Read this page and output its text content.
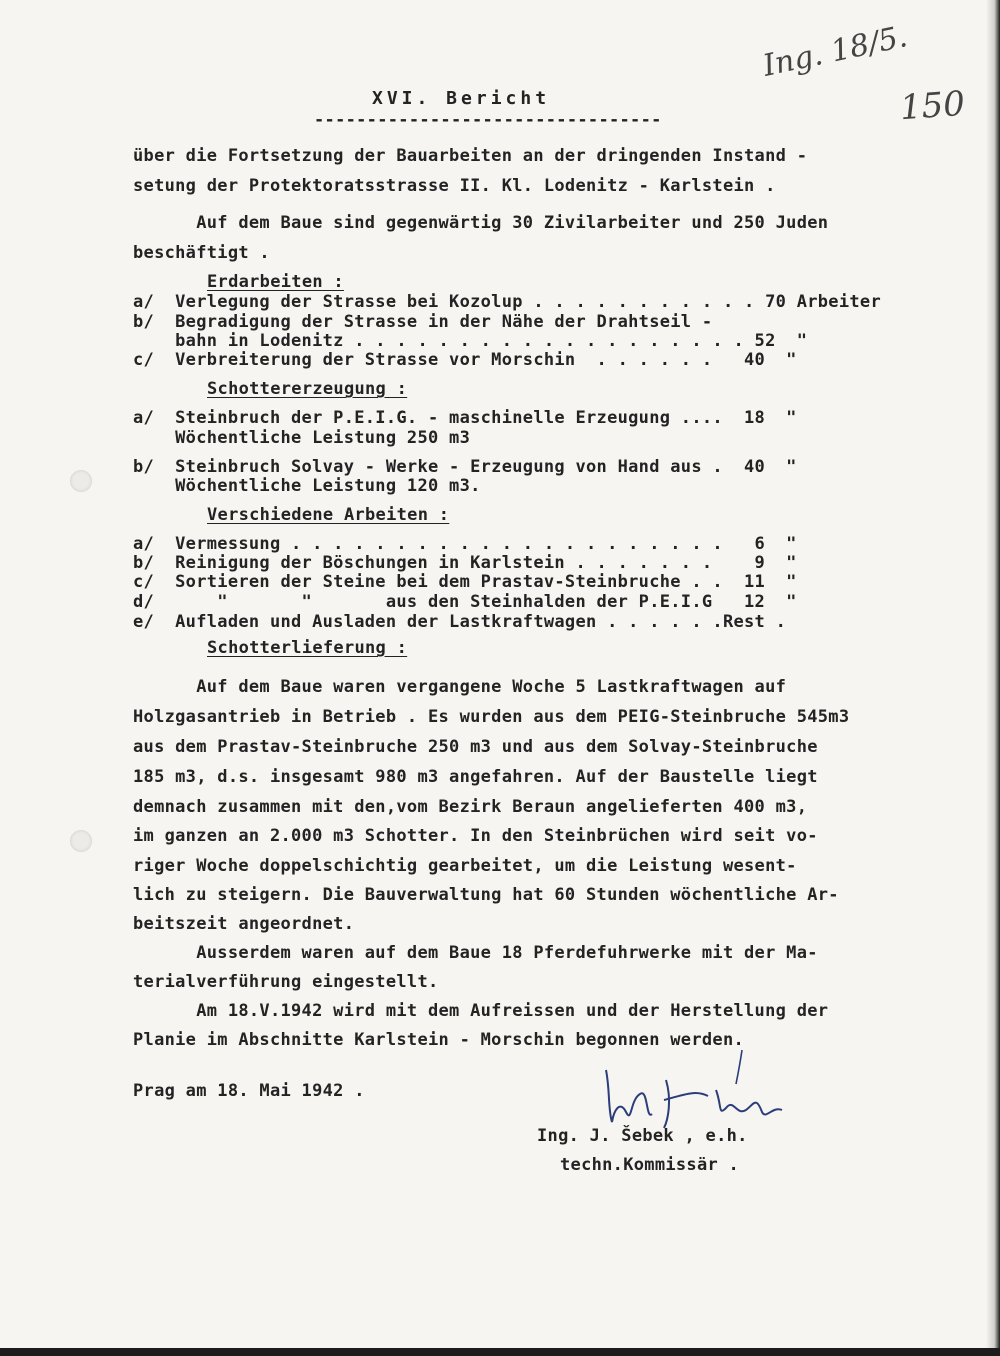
Ing. 18/5.
150
XVI. Bericht
---------------------------------
über die Fortsetzung der Bauarbeiten an der dringenden Instand -
setung der Protektoratsstrasse II. Kl. Lodenitz - Karlstein .
Auf dem Baue sind gegenwärtig 30 Zivilarbeiter und 250 Juden
beschäftigt .
Erdarbeiten :
a/  Verlegung der Strasse bei Kozolup . . . . . . . . . . . 70 Arbeiter
b/  Begradigung der Strasse in der Nähe der Drahtseil -
bahn in Lodenitz . . . . . . . . . . . . . . . . . . . 52  "
c/  Verbreiterung der Strasse vor Morschin  . . . . . .   40  "
Schottererzeugung :
a/  Steinbruch der P.E.I.G. - maschinelle Erzeugung ....  18  "
Wöchentliche Leistung 250 m3
b/  Steinbruch Solvay - Werke - Erzeugung von Hand aus .  40  "
Wöchentliche Leistung 120 m3.
Verschiedene Arbeiten :
a/  Vermessung . . . . . . . . . . . . . . . . . . . . .   6  "
b/  Reinigung der Böschungen in Karlstein . . . . . . .    9  "
c/  Sortieren der Steine bei dem Prastav-Steinbruche . .  11  "
d/      "       "       aus den Steinhalden der P.E.I.G   12  "
e/  Aufladen und Ausladen der Lastkraftwagen . . . . . .Rest .
Schotterlieferung :
Auf dem Baue waren vergangene Woche 5 Lastkraftwagen auf
Holzgasantrieb in Betrieb . Es wurden aus dem PEIG-Steinbruche 545m3
aus dem Prastav-Steinbruche 250 m3 und aus dem Solvay-Steinbruche
185 m3, d.s. insgesamt 980 m3 angefahren. Auf der Baustelle liegt
demnach zusammen mit den,vom Bezirk Beraun angelieferten 400 m3,
im ganzen an 2.000 m3 Schotter. In den Steinbrüchen wird seit vo-
riger Woche doppelschichtig gearbeitet, um die Leistung wesent-
lich zu steigern. Die Bauverwaltung hat 60 Stunden wöchentliche Ar-
beitszeit angeordnet.
Ausserdem waren auf dem Baue 18 Pferdefuhrwerke mit der Ma-
terialverführung eingestellt.
Am 18.V.1942 wird mit dem Aufreissen und der Herstellung der
Planie im Abschnitte Karlstein - Morschin begonnen werden.
Prag am 18. Mai 1942 .
Ing. J. Šebek , e.h.
techn.Kommissär .
